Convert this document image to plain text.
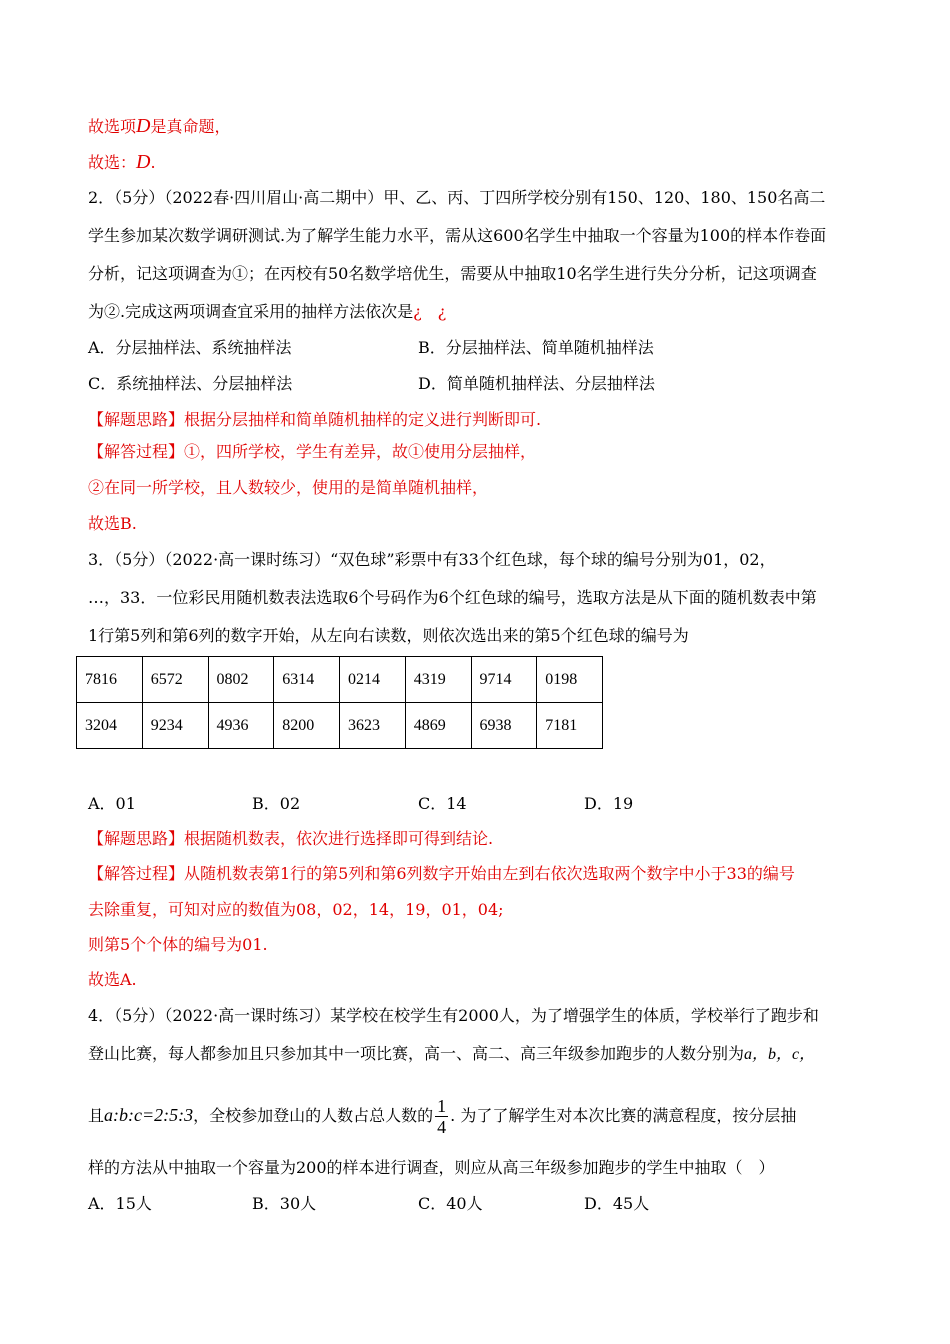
故选项D是真命题，
故选：D.
2．（5分）（2022春·四川眉山·高二期中）甲、乙、丙、丁四所学校分别有150、120、180、150名高二
学生参加某次数学调研测试.为了解学生能力水平，需从这600名学生中抽取一个容量为100的样本作卷面
分析，记这项调查为①；在丙校有50名数学培优生，需要从中抽取10名学生进行失分分析，记这项调查
为②.完成这两项调查宜采用的抽样方法依次是¿　¿
A．分层抽样法、系统抽样法	B．分层抽样法、简单随机抽样法
C．系统抽样法、分层抽样法	D．简单随机抽样法、分层抽样法
【解题思路】根据分层抽样和简单随机抽样的定义进行判断即可.
【解答过程】①，四所学校，学生有差异，故①使用分层抽样，
②在同一所学校，且人数较少，使用的是简单随机抽样，
故选B.
3．（5分）（2022·高一课时练习）“双色球”彩票中有33个红色球，每个球的编号分别为01，02，
…，33．一位彩民用随机数表法选取6个号码作为6个红色球的编号，选取方法是从下面的随机数表中第
1行第5列和第6列的数字开始，从左向右读数，则依次选出来的第5个红色球的编号为
7816	6572	0802	6314	0214	4319	9714	0198
3204	9234	4936	8200	3623	4869	6938	7181
A．01	B．02	C．14	D．19
【解题思路】根据随机数表，依次进行选择即可得到结论.
【解答过程】从随机数表第1行的第5列和第6列数字开始由左到右依次选取两个数字中小于33的编号
去除重复，可知对应的数值为08，02，14，19，01，04;
则第5个个体的编号为01.
故选A.
4．（5分）（2022·高一课时练习）某学校在校学生有2000人，为了增强学生的体质，学校举行了跑步和
登山比赛，每人都参加且只参加其中一项比赛，高一、高二、高三年级参加跑步的人数分别为a，b，c，
且a:b:c=2:5:3，全校参加登山的人数占总人数的 $\frac{1}{4}$ . 为了了解学生对本次比赛的满意程度，按分层抽
样的方法从中抽取一个容量为200的样本进行调查，则应从高三年级参加跑步的学生中抽取（　）
A．15人	B．30人	C．40人	D．45人
